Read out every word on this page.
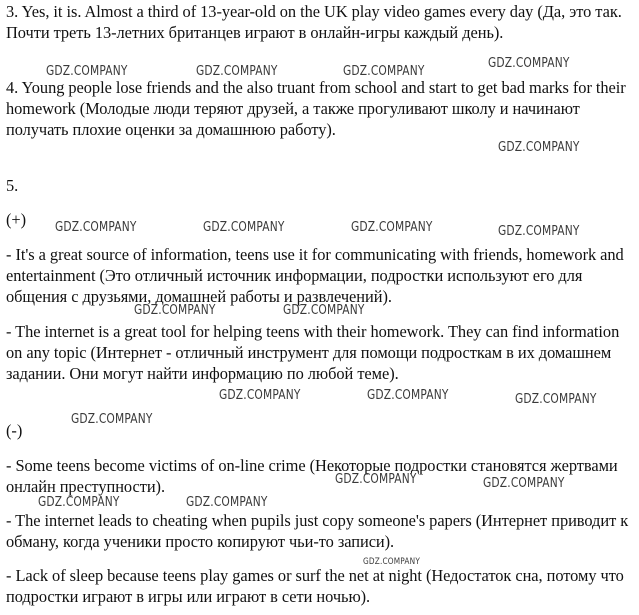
3. Yes, it is. Almost a third of 13-year-old on the UK play video games every day (Да, это так. Почти треть 13-летних британцев играют в онлайн-игры каждый день).
4. Young people lose friends and the also truant from school and start to get bad marks for their homework (Молодые люди теряют друзей, а также прогуливают школу и начинают получать плохие оценки за домашнюю работу).
5.
(+)
- It's a great source of information, teens use it for communicating with friends, homework and entertainment (Это отличный источник информации, подростки используют его для общения с друзьями, домашней работы и развлечений).
- The internet is a great tool for helping teens with their homework. They can find information on any topic (Интернет - отличный инструмент для помощи подросткам в их домашнем задании. Они могут найти информацию по любой теме).
(-)
- Some teens become victims of on-line crime (Некоторые подростки становятся жертвами онлайн преступности).
- The internet leads to cheating when pupils just copy someone's papers (Интернет приводит к обману, когда ученики просто копируют чьи-то записи).
- Lack of sleep because teens play games or surf the net at night (Недостаток сна, потому что подростки играют в игры или играют в сети ночью).
GDZ.COMPANY	GDZ.COMPANY	GDZ.COMPANY
GDZ.COMPANY
GDZ.COMPANY
GDZ.COMPANY	GDZ.COMPANY	GDZ.COMPANY	GDZ.COMPANY
GDZ.COMPANY	GDZ.COMPANY
GDZ.COMPANY	GDZ.COMPANY	GDZ.COMPANY
GDZ.COMPANY
GDZ.COMPANY	GDZ.COMPANY
GDZ.COMPANY	GDZ.COMPANY
GDZ.COMPANY
